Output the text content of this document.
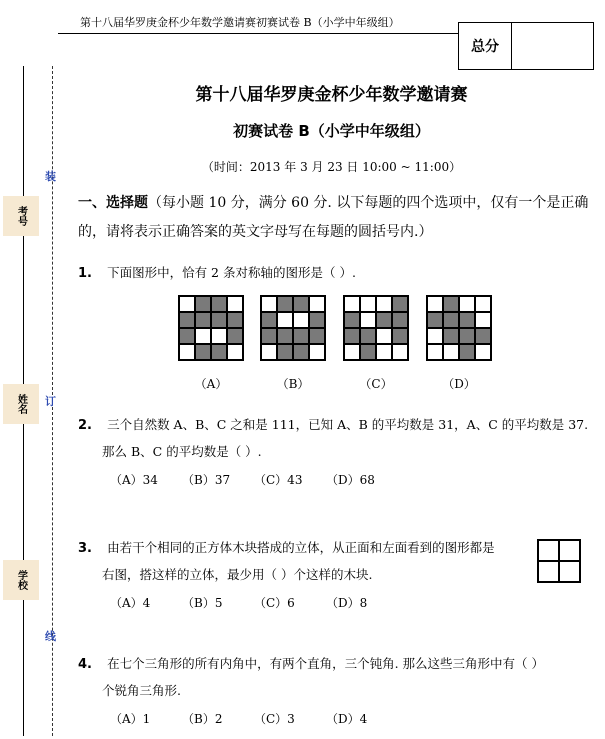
第十八届华罗庚金杯少年数学邀请赛初赛试卷 B（小学中年级组）
总分
考号
姓名
学校
装
订
线
第十八届华罗庚金杯少年数学邀请赛
初赛试卷 B（小学中年级组）
（时间：2013 年 3 月 23 日 10:00 ~ 11:00）
一、选择题（每小题 10 分，满分 60 分. 以下每题的四个选项中，仅有一个是正确的，请将表示正确答案的英文字母写在每题的圆括号内.）
1. 下面图形中，恰有 2 条对称轴的图形是（ ）.
（A）	（B）	（C）	（D）
2. 三个自然数 A、B、C 之和是 111，已知 A、B 的平均数是 31，A、C 的平均数是 37.
那么 B、C 的平均数是（ ）.
（A）34	（B）37	（C）43	（D）68
3. 由若干个相同的正方体木块搭成的立体，从正面和左面看到的图形都是
右图，搭这样的立体，最少用（ ）个这样的木块.
（A）4	（B）5	（C）6	（D）8
4. 在七个三角形的所有内角中，有两个直角，三个钝角. 那么这些三角形中有（ ）
个锐角三角形.
（A）1	（B）2	（C）3	（D）4
